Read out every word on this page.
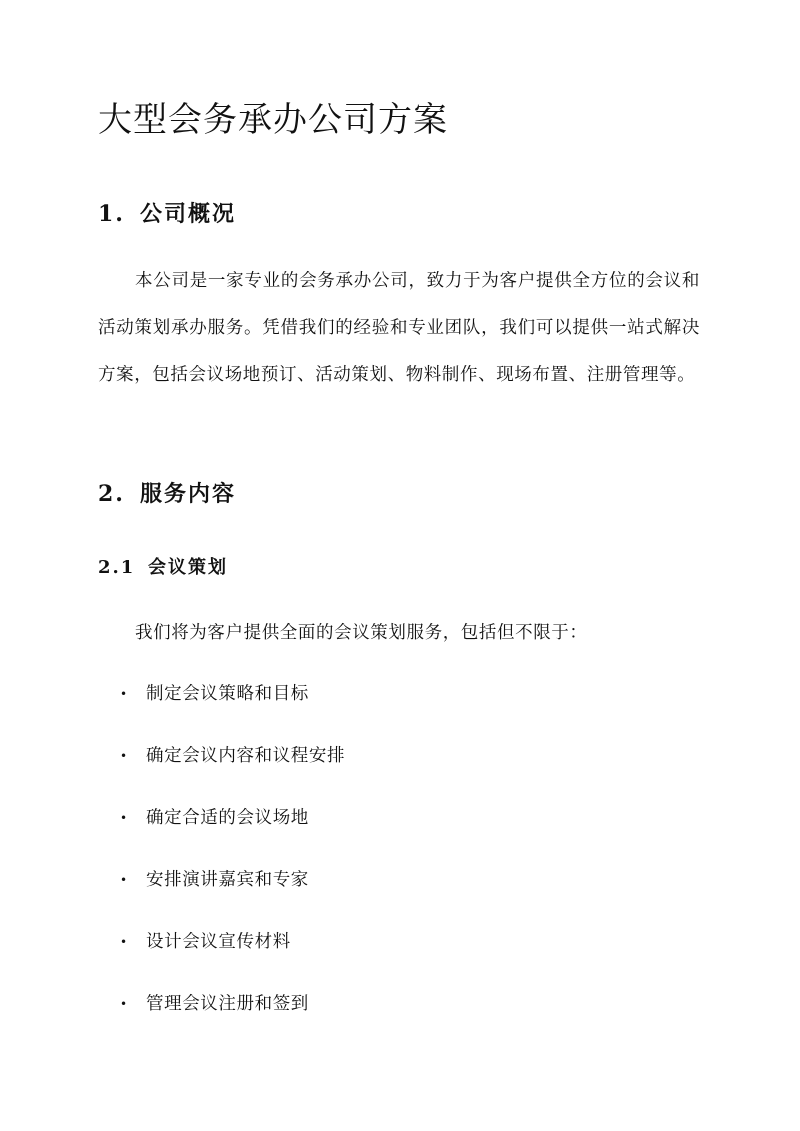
大型会务承办公司方案
1. 公司概况

本公司是一家专业的会务承办公司，致力于为客户提供全方位的会议和活动策划承办服务。凭借我们的经验和专业团队，我们可以提供一站式解决方案，包括会议场地预订、活动策划、物料制作、现场布置、注册管理等。

2. 服务内容
2.1 会议策划

我们将为客户提供全面的会议策划服务，包括但不限于：

•	制定会议策略和目标
•	确定会议内容和议程安排
•	确定合适的会议场地
•	安排演讲嘉宾和专家
•	设计会议宣传材料
•	管理会议注册和签到
